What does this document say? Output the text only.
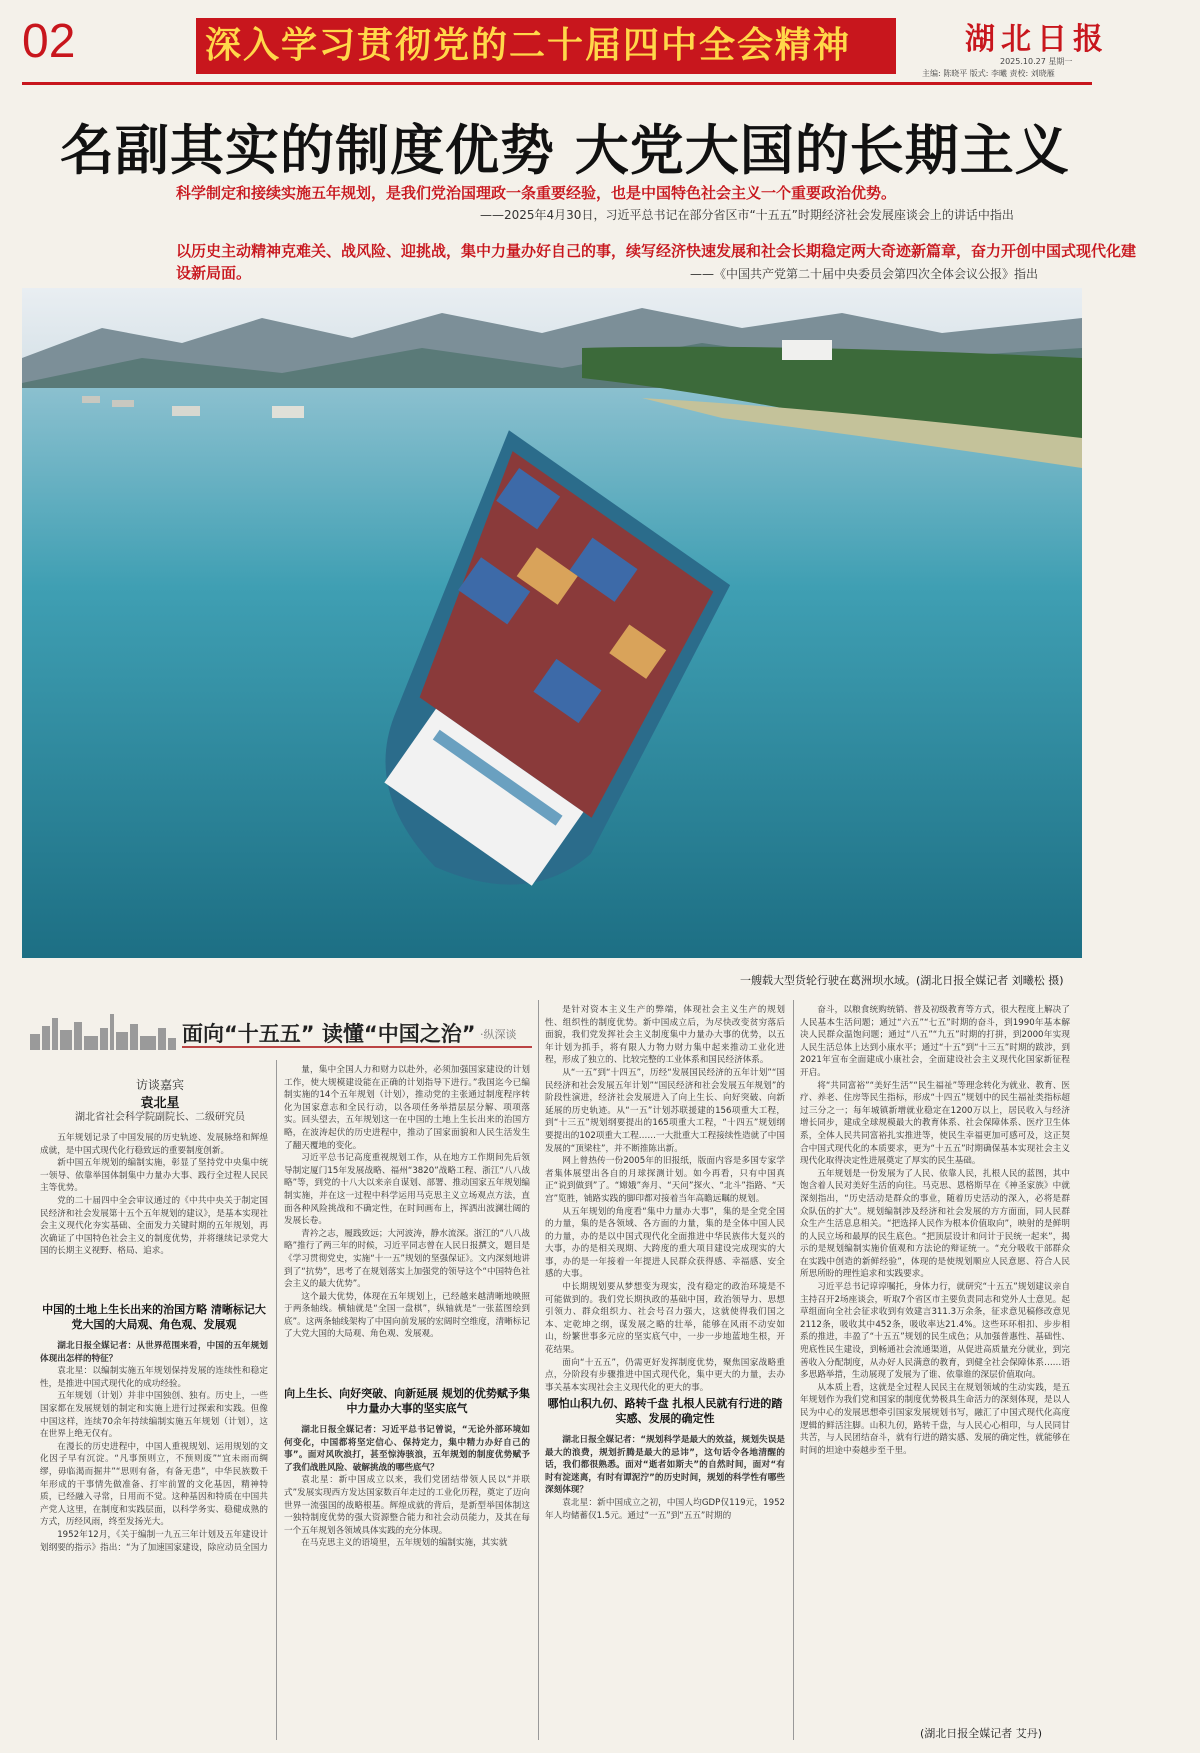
02	深入学习贯彻党的二十届四中全会精神	湖北日报
2025.10.27 星期一
主编: 陈晓平 版式: 李曦 责校: 刘晓雁
名副其实的制度优势 大党大国的长期主义
科学制定和接续实施五年规划，是我们党治国理政一条重要经验，也是中国特色社会主义一个重要政治优势。
——2025年4月30日，习近平总书记在部分省区市“十五五”时期经济社会发展座谈会上的讲话中指出
以历史主动精神克难关、战风险、迎挑战，集中力量办好自己的事，续写经济快速发展和社会长期稳定两大奇迹新篇章，奋力开创中国式现代化建设新局面。	——《中国共产党第二十届中央委员会第四次全体会议公报》指出
一艘载大型货轮行驶在葛洲坝水域。(湖北日报全媒记者 刘曦松 摄)
面向“十五五” 读懂“中国之治” ·纵深谈
访谈嘉宾
袁北星
湖北省社会科学院副院长、二级研究员

五年规划记录了中国发展的历史轨迹、发展脉络和辉煌成就，是中国式现代化行稳致远的重要制度创新。

新中国五年规划的编制实施，彰显了坚持党中央集中统一领导、依靠举国体制集中力量办大事、践行全过程人民民主等优势。

党的二十届四中全会审议通过的《中共中央关于制定国民经济和社会发展第十五个五年规划的建议》，是基本实现社会主义现代化夯实基础、全面发力关键时期的五年规划，再次确证了中国特色社会主义的制度优势，并将继续记录党大国的长期主义视野、格局、追求。

中国的土地上生长出来的治国方略 清晰标记大党大国的大局观、角色观、发展观

湖北日报全媒记者：从世界范围来看，中国的五年规划体现出怎样的特征？

袁北星：以编制实施五年规划保持发展的连续性和稳定性，是推进中国式现代化的成功经验。

五年规划（计划）并非中国独创、独有。历史上，一些国家都在发展规划的制定和实施上进行过探索和实践。但像中国这样，连续70余年持续编制实施五年规划（计划），这在世界上绝无仅有。

在漫长的历史进程中，中国人重视规划、运用规划的文化因子早有沉淀。“凡事预则立，不预则废”“宜未雨而绸缪，毋临渴而掘井”“思则有备，有备无患”，中华民族数千年形成的干事情先做准备、打牢前置的文化基因，精神特质，已经融入寻常，日用而不觉。这种基因和特质在中国共产党人这里，在制度和实践层面，以科学务实、稳健成熟的方式，历经风雨，终至发扬光大。

1952年12月，《关于编制一九五三年计划及五年建设计划纲要的指示》指出：“为了加速国家建设，除应动员全国力

量，集中全国人力和财力以赴外，必须加强国家建设的计划工作，使大规模建设能在正确的计划指导下进行。”我国迄今已编制实施的14个五年规划（计划），推动党的主张通过制度程序转化为国家意志和全民行动，以各项任务举措层层分解、项项落实。回头望去，五年规划这一在中国的土地上生长出来的治国方略，在波涛起伏的历史进程中，推动了国家面貌和人民生活发生了翻天覆地的变化。

习近平总书记高度重视规划工作，从在地方工作期间先后领导制定厦门15年发展战略、福州“3820”战略工程、浙江“八八战略”等，到党的十八大以来亲自谋划、部署、推动国家五年规划编制实施，并在这一过程中科学运用马克思主义立场观点方法，直面各种风险挑战和不确定性，在时间画布上，挥洒出波澜壮阔的发展长卷。

青衿之志，履践致远；大河波涛，静水流深。浙江的“八八战略”推行了两三年的时候，习近平同志曾在人民日报撰文，题目是《学习贯彻党史，实施“十一五”规划的坚强保证》。文内深刻地讲到了“抗势”，思考了在规划落实上加强党的领导这个“中国特色社会主义的最大优势”。

这个最大优势，体现在五年规划上，已经越来越清晰地映照于两条轴线。横轴就是“全国一盘棋”，纵轴就是“一张蓝图绘到底”。这两条轴线架构了中国向前发展的宏阔时空维度，清晰标记了大党大国的大局观、角色观、发展观。

向上生长、向好突破、向新延展 规划的优势赋予集中力量办大事的坚实底气

湖北日报全媒记者：习近平总书记曾说，“无论外部环境如何变化，中国都将坚定信心、保持定力，集中精力办好自己的事”。面对风吹浪打，甚至惊涛骇浪，五年规划的制度优势赋予了我们战胜风险、破解挑战的哪些底气？

袁北星：新中国成立以来，我们党团结带领人民以“并联式”发展实现西方发达国家数百年走过的工业化历程，奠定了迈向世界一流强国的战略根基。辉煌成就的背后，是新型举国体制这一独特制度优势的强大资源整合能力和社会动员能力，及其在每一个五年规划各领域具体实践的充分体现。

在马克思主义的语境里，五年规划的编制实施，其实就

是针对资本主义生产的弊端，体现社会主义生产的规划性、组织性的制度优势。新中国成立后，为尽快改变贫穷落后面貌，我们党发挥社会主义制度集中力量办大事的优势，以五年计划为抓手，将有限人力物力财力集中起来推动工业化进程，形成了独立的、比较完整的工业体系和国民经济体系。

从“一五”到“十四五”，历经“发展国民经济的五年计划”“国民经济和社会发展五年计划”“国民经济和社会发展五年规划”的阶段性演进，经济社会发展进入了向上生长、向好突破、向新延展的历史轨迹。从“一五”计划苏联援建的156项重大工程，到“十三五”规划纲要提出的165项重大工程，“十四五”规划纲要提出的102项重大工程……一大批重大工程接续性造就了中国发展的“顶梁柱”，并不断推陈出新。

网上曾热传一份2005年的旧报纸，版面内容是多国专家学者集体展望出各自的月球探测计划。如今再看，只有中国真正“说到做到”了。“嫦娥”奔月、“天问”探火、“北斗”指路、“天宫”览胜，铺路实践的脚印都对接着当年高瞻远瞩的规划。

从五年规划的角度看“集中力量办大事”，集的是全党全国的力量，集的是各领域、各方面的力量，集的是全体中国人民的力量，办的是以中国式现代化全面推进中华民族伟大复兴的大事，办的是相关现期、大跨度的重大项目建设完成现实的大事，办的是一年接着一年提进人民群众获得感、幸福感、安全感的大事。

中长期规划要从梦想变为现实，没有稳定的政治环境是不可能做到的。我们党长期执政的基础中国，政治领导力、思想引领力、群众组织力、社会号召力强大，这就使得我们国之本、定乾坤之纲，谋发展之略的壮举，能够在风雨不动安如山，纷繁世事多元应的坚实底气中，一步一步地蓝地生根，开花结果。

面向“十五五”，仍需更好发挥制度优势，聚焦国家战略重点，分阶段有步骤推进中国式现代化，集中更大的力量，去办事关基本实现社会主义现代化的更大的事。

哪怕山积九仞、路转千盘 扎根人民就有行进的踏实感、发展的确定性

湖北日报全媒记者：“规划科学是最大的效益，规划失误是最大的浪费，规划折腾是最大的忌讳”，这句话令各地清醒的话，我们都很熟悉。面对“逝者如斯夫”的自然时间，面对“有时有淀迷离，有时有谭泥泞”的历史时间，规划的科学性有哪些深刻体现？

袁北星：新中国成立之初，中国人均GDP仅119元，1952年人均储蓄仅1.5元。通过“一五”到“五五”时期的

奋斗，以粮食统购统销、普及初级教育等方式，很大程度上解决了人民基本生活问题；通过“六五”“七五”时期的奋斗，到1990年基本解决人民群众温饱问题；通过“八五”“九五”时期的打拼，到2000年实现人民生活总体上达到小康水平；通过“十五”到“十三五”时期的跋涉，到2021年宣布全面建成小康社会，全面建设社会主义现代化国家新征程开启。

将“共同富裕”“美好生活”“民生福祉”等理念转化为就业、教育、医疗、养老、住房等民生指标，形成“十四五”规划中的民生福祉类指标超过三分之一；每年城镇新增就业稳定在1200万以上，居民收入与经济增长同步，建成全球规模最大的教育体系、社会保障体系、医疗卫生体系，全体人民共同富裕扎实推进等，使民生幸福更加可感可及，这正契合中国式现代化的本质要求，更为“十五五”时期确保基本实现社会主义现代化取得决定性进展奠定了厚实的民生基础。

五年规划是一份发展为了人民、依靠人民，扎根人民的蓝图，其中饱含着人民对美好生活的向往。马克思、恩格斯早在《神圣家族》中就深刻指出，“历史活动是群众的事业，随着历史活动的深入，必将是群众队伍的扩大”。规划编制涉及经济和社会发展的方方面面，同人民群众生产生活息息相关。“把选择人民作为根本价值取向”，映射的是鲜明的人民立场和最厚的民生底色。“把顶层设计和问计于民统一起来”，揭示的是规划编制实施价值观和方法论的辩证统一。“充分吸收干部群众在实践中创造的新鲜经验”，体现的是使规划顺应人民意愿、符合人民所思所盼的理性追求和实践要求。

习近平总书记谆谆嘱托，身体力行，就研究“十五五”规划建议亲自主持召开2场座谈会，听取7个省区市主要负责同志和党外人士意见。起草组面向全社会征求收到有效建言311.3万余条，征求意见稿修改意见2112条，吸收其中452条，吸收率达21.4%。这些环环相扣、步步相系的推进，丰盈了“十五五”规划的民生成色；从加强普惠性、基础性、兜底性民生建设，到畅通社会流通渠道，从促进高质量充分就业，到完善收入分配制度，从办好人民满意的教育，到健全社会保障体系……语多思路举措，生动展现了发展为了谁、依靠谁的深层价值取向。

从本质上看，这就是全过程人民民主在规划领域的生动实践，是五年规划作为我们党和国家的制度优势极具生命活力的深刻体现，是以人民为中心的发展思想牵引国家发展规划书写，融汇了中国式现代化高度逻辑的鲜活注脚。山积九仞，路转千盘，与人民心心相印，与人民同甘共苦，与人民团结奋斗，就有行进的踏实感、发展的确定性，就能够在时间的坦途中奏越步至千里。

(湖北日报全媒记者 艾丹)
